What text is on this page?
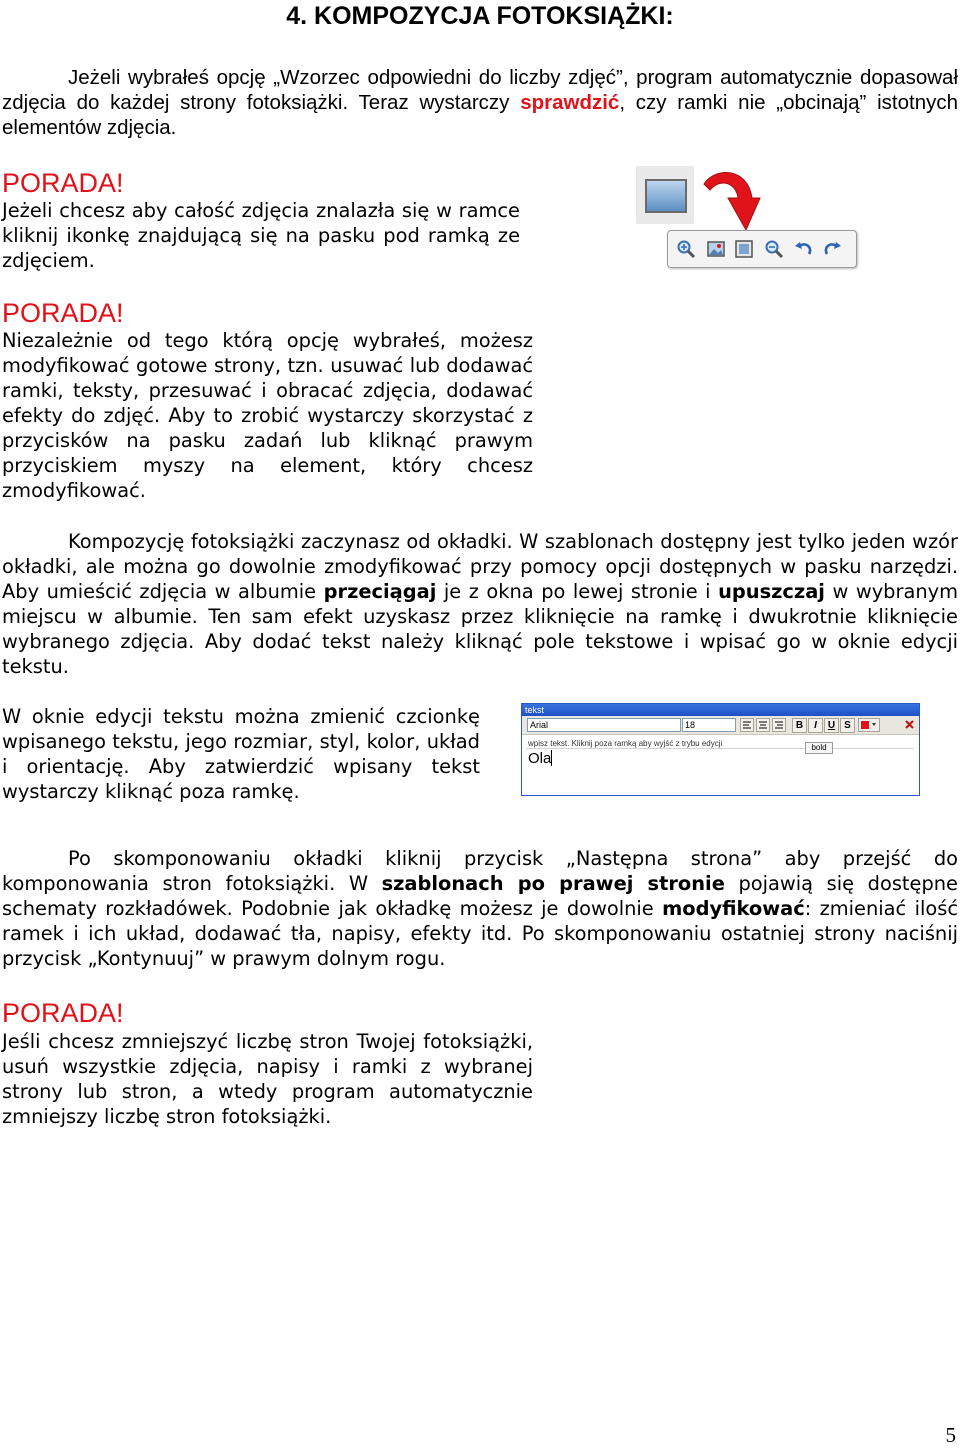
4. KOMPOZYCJA FOTOKSIĄŻKI:

Jeżeli wybrałeś opcję „Wzorzec odpowiedni do liczby zdjęć”, program automatycznie dopasował zdjęcia do każdej strony fotoksiążki. Teraz wystarczy sprawdzić, czy ramki nie „obcinają” istotnych elementów zdjęcia.

PORADA!

Jeżeli chcesz aby całość zdjęcia znalazła się w ramce kliknij ikonkę znajdującą się na pasku pod ramką ze zdjęciem.

PORADA!

Niezależnie od tego którą opcję wybrałeś, możesz modyfikować gotowe strony, tzn. usuwać lub dodawać ramki, teksty, przesuwać i obracać zdjęcia, dodawać efekty do zdjęć. Aby to zrobić wystarczy skorzystać z przycisków na pasku zadań lub kliknąć prawym przyciskiem myszy na element, który chcesz zmodyfikować.

Kompozycję fotoksiążki zaczynasz od okładki. W szablonach dostępny jest tylko jeden wzór okładki, ale można go dowolnie zmodyfikować przy pomocy opcji dostępnych w pasku narzędzi. Aby umieścić zdjęcia w albumie przeciągaj je z okna po lewej stronie i upuszczaj w wybranym miejscu w albumie. Ten sam efekt uzyskasz przez kliknięcie na ramkę i dwukrotnie kliknięcie wybranego zdjęcia. Aby dodać tekst należy kliknąć pole tekstowe i wpisać go w oknie edycji tekstu.

W oknie edycji tekstu można zmienić czcionkę wpisanego tekstu, jego rozmiar, styl, kolor, układ i orientację. Aby zatwierdzić wpisany tekst wystarczy kliknąć poza ramkę.

tekst
Arial	18	B	I	U S
wpisz tekst. Kliknij poza ramką aby wyjść z trybu edycji	bold
Ola

Po skomponowaniu okładki kliknij przycisk „Następna strona” aby przejść do komponowania stron fotoksiążki. W szablonach po prawej stronie pojawią się dostępne schematy rozkładówek. Podobnie jak okładkę możesz je dowolnie modyfikować: zmieniać ilość ramek i ich układ, dodawać tła, napisy, efekty itd. Po skomponowaniu ostatniej strony naciśnij przycisk „Kontynuuj” w prawym dolnym rogu.

PORADA!

Jeśli chcesz zmniejszyć liczbę stron Twojej fotoksiążki, usuń wszystkie zdjęcia, napisy i ramki z wybranej strony lub stron, a wtedy program automatycznie zmniejszy liczbę stron fotoksiążki.

5
